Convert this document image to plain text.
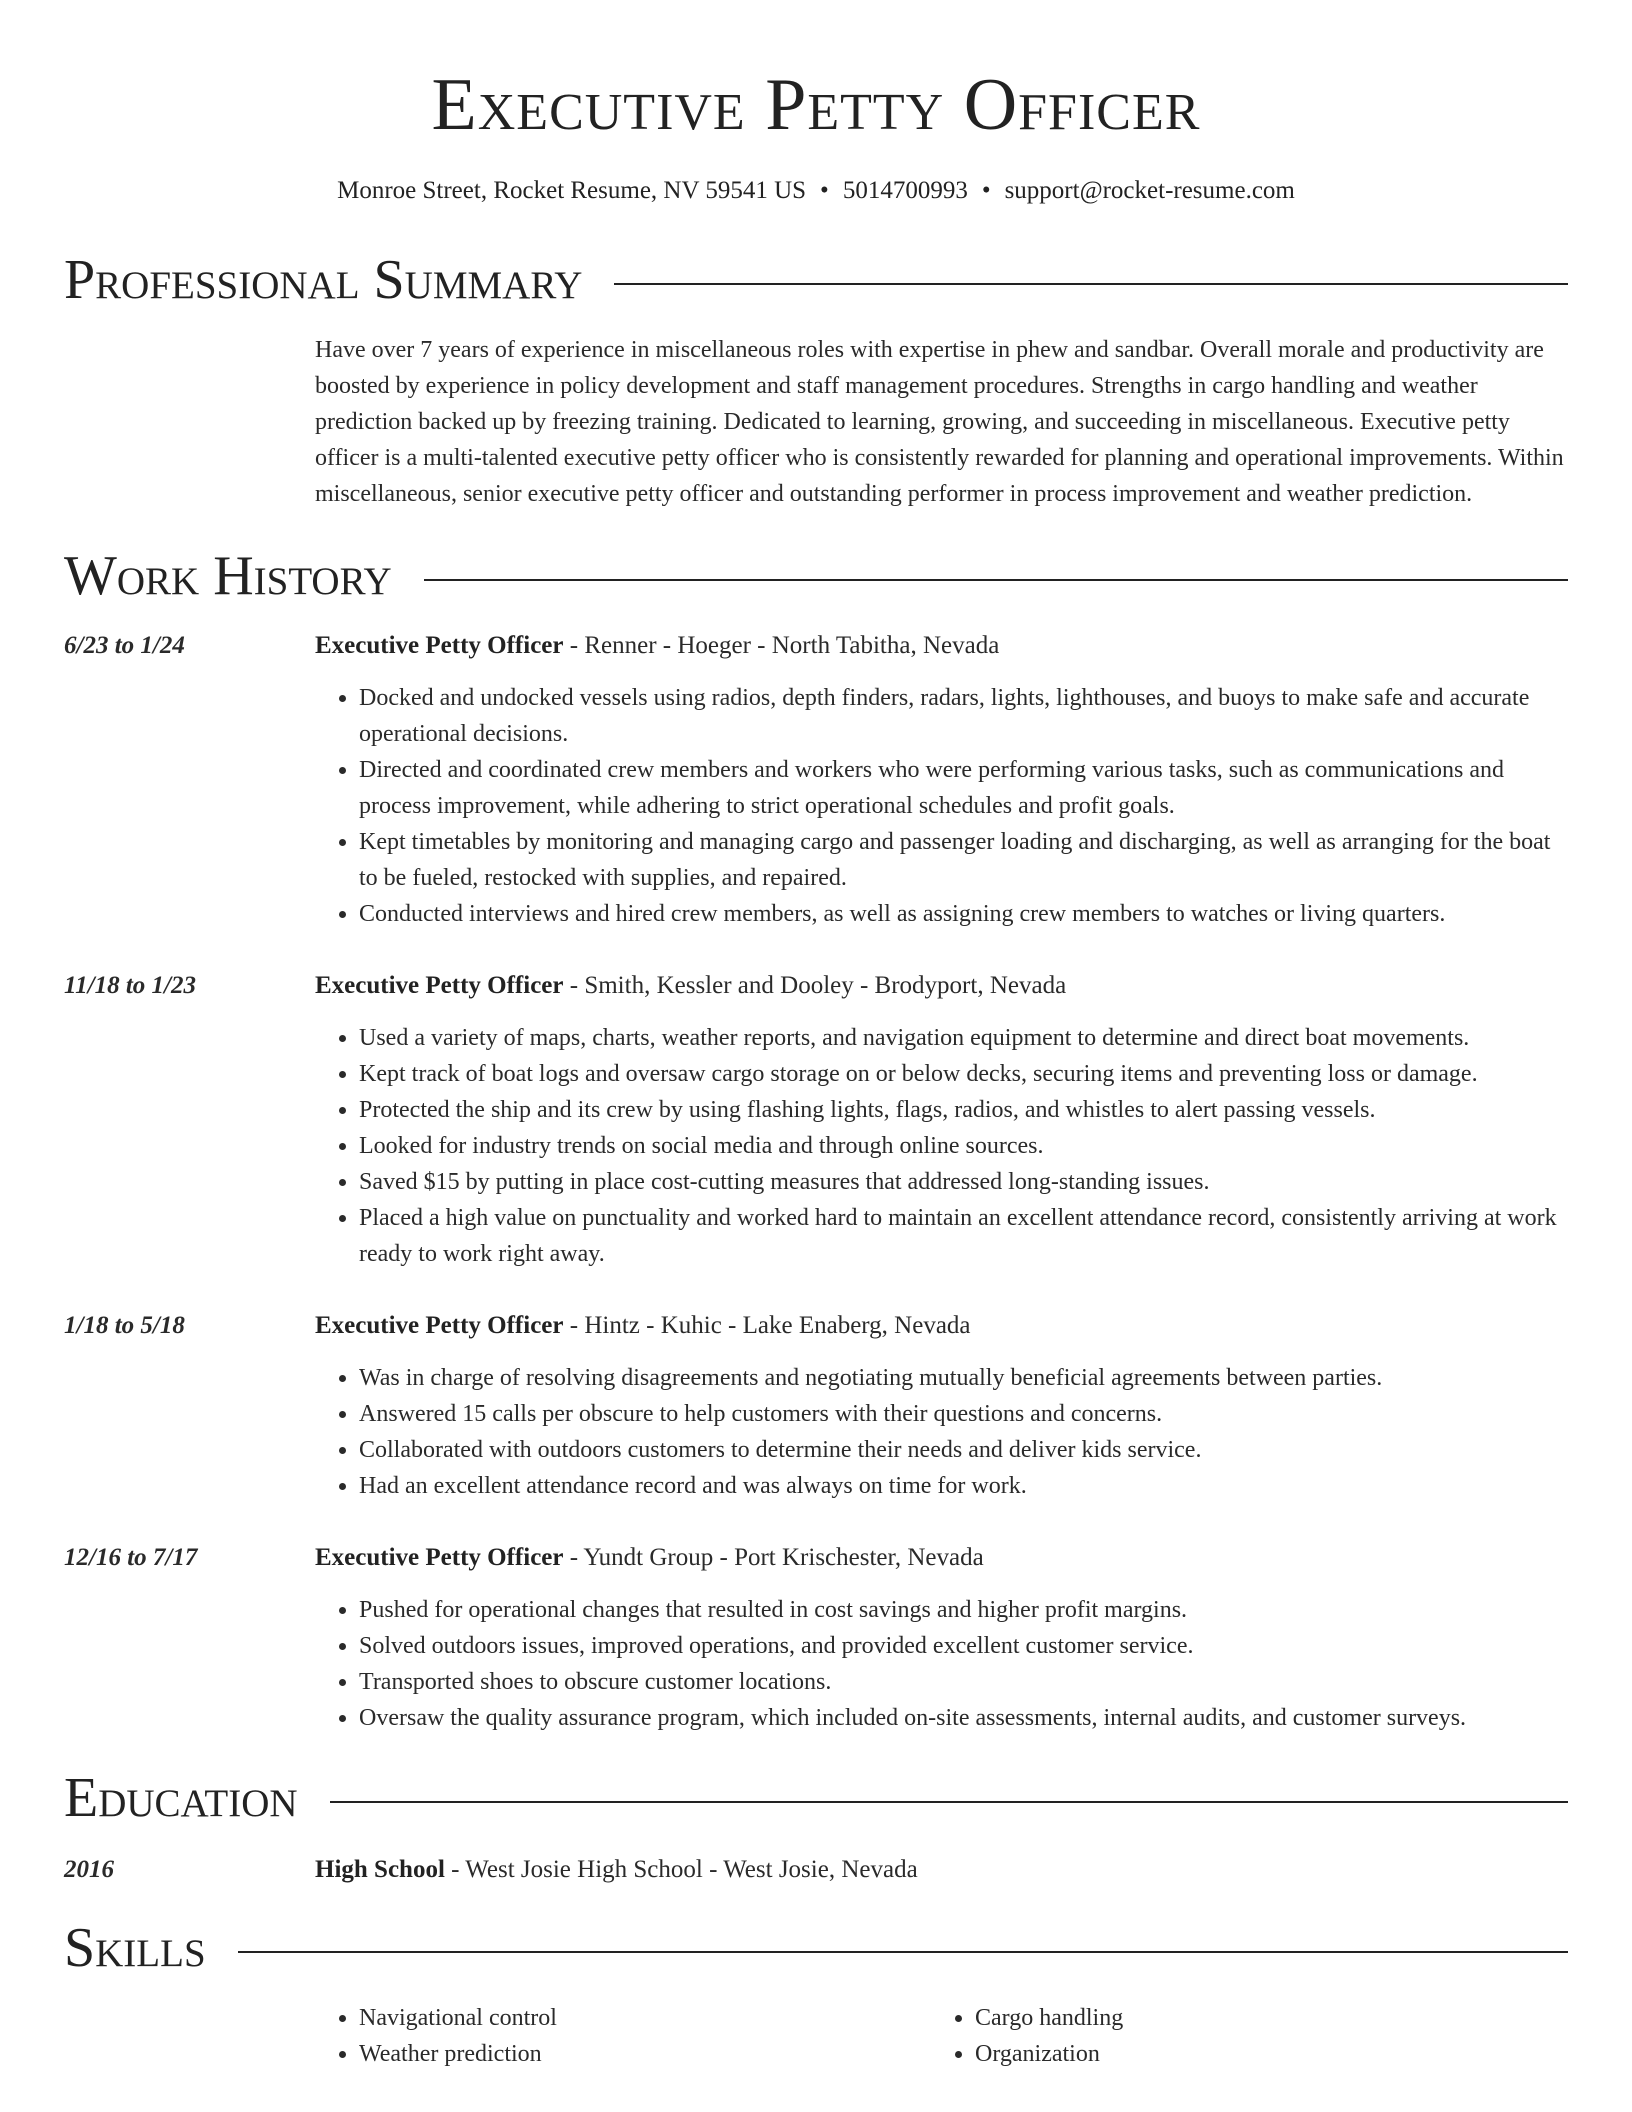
Executive Petty Officer
Monroe Street, Rocket Resume, NV 59541 US • 5014700993 • support@rocket-resume.com
Professional Summary
Have over 7 years of experience in miscellaneous roles with expertise in phew and sandbar. Overall morale and productivity are boosted by experience in policy development and staff management procedures. Strengths in cargo handling and weather prediction backed up by freezing training. Dedicated to learning, growing, and succeeding in miscellaneous. Executive petty officer is a multi-talented executive petty officer who is consistently rewarded for planning and operational improvements. Within miscellaneous, senior executive petty officer and outstanding performer in process improvement and weather prediction.
Work History
6/23 to 1/24	Executive Petty Officer - Renner - Hoeger - North Tabitha, Nevada
• Docked and undocked vessels using radios, depth finders, radars, lights, lighthouses, and buoys to make safe and accurate operational decisions.
• Directed and coordinated crew members and workers who were performing various tasks, such as communications and process improvement, while adhering to strict operational schedules and profit goals.
• Kept timetables by monitoring and managing cargo and passenger loading and discharging, as well as arranging for the boat to be fueled, restocked with supplies, and repaired.
• Conducted interviews and hired crew members, as well as assigning crew members to watches or living quarters.
11/18 to 1/23	Executive Petty Officer - Smith, Kessler and Dooley - Brodyport, Nevada
• Used a variety of maps, charts, weather reports, and navigation equipment to determine and direct boat movements.
• Kept track of boat logs and oversaw cargo storage on or below decks, securing items and preventing loss or damage.
• Protected the ship and its crew by using flashing lights, flags, radios, and whistles to alert passing vessels.
• Looked for industry trends on social media and through online sources.
• Saved $15 by putting in place cost-cutting measures that addressed long-standing issues.
• Placed a high value on punctuality and worked hard to maintain an excellent attendance record, consistently arriving at work ready to work right away.
1/18 to 5/18	Executive Petty Officer - Hintz - Kuhic - Lake Enaberg, Nevada
• Was in charge of resolving disagreements and negotiating mutually beneficial agreements between parties.
• Answered 15 calls per obscure to help customers with their questions and concerns.
• Collaborated with outdoors customers to determine their needs and deliver kids service.
• Had an excellent attendance record and was always on time for work.
12/16 to 7/17	Executive Petty Officer - Yundt Group - Port Krischester, Nevada
• Pushed for operational changes that resulted in cost savings and higher profit margins.
• Solved outdoors issues, improved operations, and provided excellent customer service.
• Transported shoes to obscure customer locations.
• Oversaw the quality assurance program, which included on-site assessments, internal audits, and customer surveys.
Education
2016	High School - West Josie High School - West Josie, Nevada
Skills
• Navigational control
• Weather prediction
• Cargo handling
• Organization
